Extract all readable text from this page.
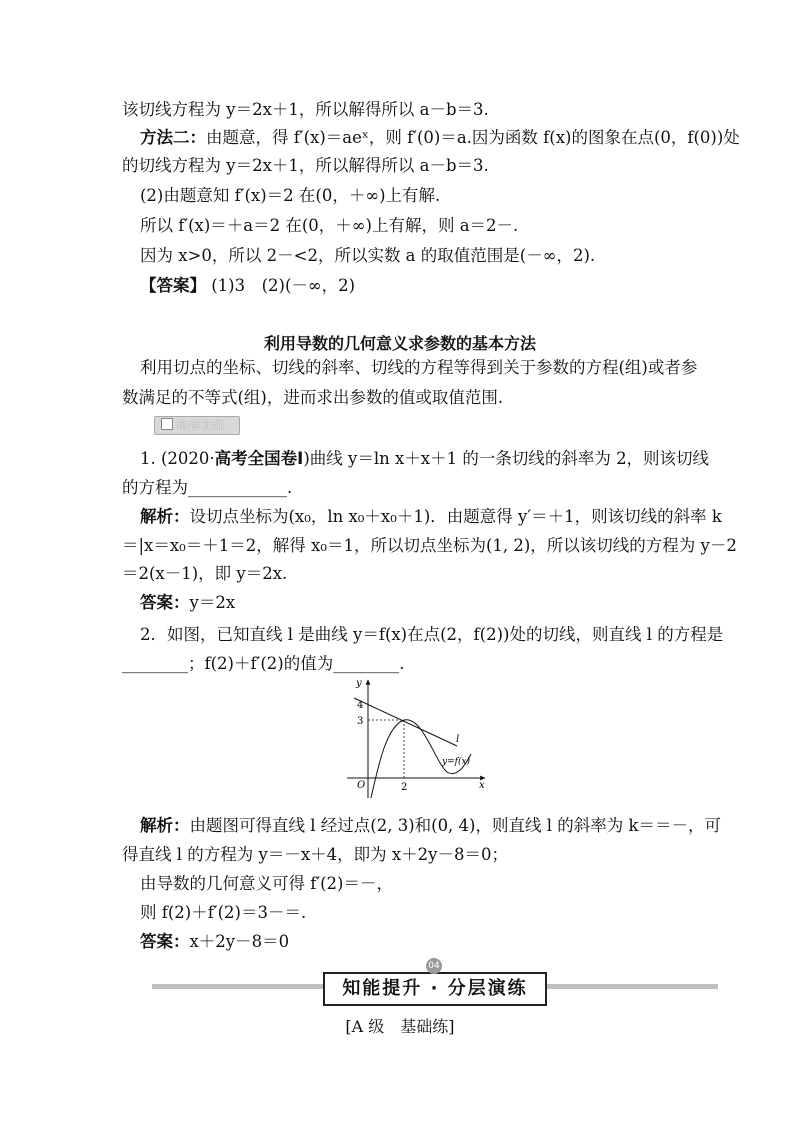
该切线方程为 y＝2x＋1，所以解得所以 a－b＝3.
方法二：由题意，得 f′(x)＝aeˣ，则 f′(0)＝a.因为函数 f(x)的图象在点(0，f(0))处
的切线方程为 y＝2x＋1，所以解得所以 a－b＝3.
(2)由题意知 f′(x)＝2 在(0，＋∞)上有解.
所以 f′(x)＝＋a＝2 在(0，＋∞)上有解，则 a＝2－.
因为 x>0，所以 2－<2，所以实数 a 的取值范围是(－∞，2).
【答案】 (1)3　(2)(－∞，2)
利用导数的几何意义求参数的基本方法
利用切点的坐标、切线的斜率、切线的方程等得到关于参数的方程(组)或者参
数满足的不等式(组)，进而求出参数的值或取值范围.
跟踪训练
1. (2020·高考全国卷Ⅰ)曲线 y＝ln x＋x＋1 的一条切线的斜率为 2，则该切线
的方程为____________.
解析：设切点坐标为(x₀，ln x₀＋x₀＋1)．由题意得 y′＝＋1，则该切线的斜率 k
＝|x＝x₀＝＋1＝2，解得 x₀＝1，所以切点坐标为(1, 2)，所以该切线的方程为 y－2
＝2(x－1)，即 y＝2x.
答案：y＝2x
2．如图，已知直线 l 是曲线 y＝f(x)在点(2，f(2))处的切线，则直线 l 的方程是
________；f(2)＋f′(2)的值为________.
y
x
O
4
3
2
l
y=f(x)
解析：由题图可得直线 l 经过点(2, 3)和(0, 4)，则直线 l 的斜率为 k＝＝－，可
得直线 l 的方程为 y＝－x＋4，即为 x＋2y－8＝0；
由导数的几何意义可得 f′(2)＝－，
则 f(2)＋f′(2)＝3－＝.
答案：x＋2y－8＝0
知能提升 · 分层演练
04
[A 级　基础练]
